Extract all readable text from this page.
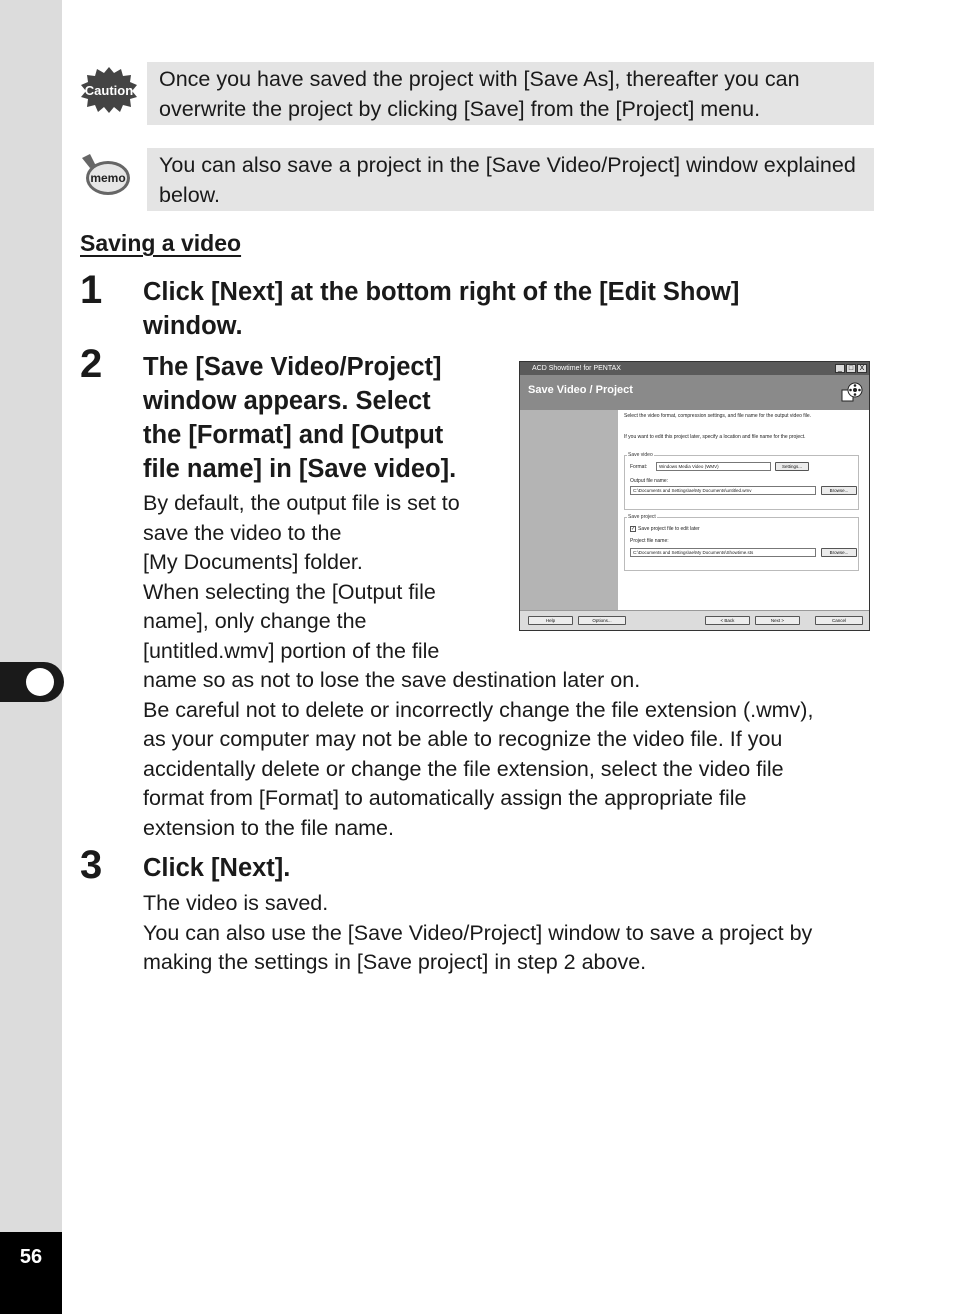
56
Caution	Once you have saved the project with [Save As], thereafter you can overwrite the project by clicking [Save] from the [Project] menu.
memo
You can also save a project in the [Save Video/Project] window explained below.
Saving a video
1 Click [Next] at the bottom right of the [Edit Show] window.
2 The [Save Video/Project]
window appears. Select
the [Format] and [Output
file name] in [Save video].
By default, the output file is set to
save the video to the
[My Documents] folder.
When selecting the [Output file
name], only change the
[untitled.wmv] portion of the file
name so as not to lose the save destination later on.
Be careful not to delete or incorrectly change the file extension (.wmv),
as your computer may not be able to recognize the video file. If you
accidentally delete or change the file extension, select the video file
format from [Format] to automatically assign the appropriate file
extension to the file name.
ACD Showtime! for PENTAX	_ □ X
Save Video / Project
Select the video format, compression settings, and file name for the output video file.
If you want to edit this project later, specify a location and file name for the project.
Save video
Format:	Windows Media Video (WMV)	Settings...
Output file name:
C:\Documents and Settings\ae\My Documents\untitled.wmv	Browse...
Save project
✓ Save project file to edit later
Project file name:
C:\Documents and Settings\ae\My Documents\Showtime.sts	Browse...
Help	Options...	< Back	Next >	Cancel
3 Click [Next].
The video is saved.
You can also use the [Save Video/Project] window to save a project by
making the settings in [Save project] in step 2 above.
